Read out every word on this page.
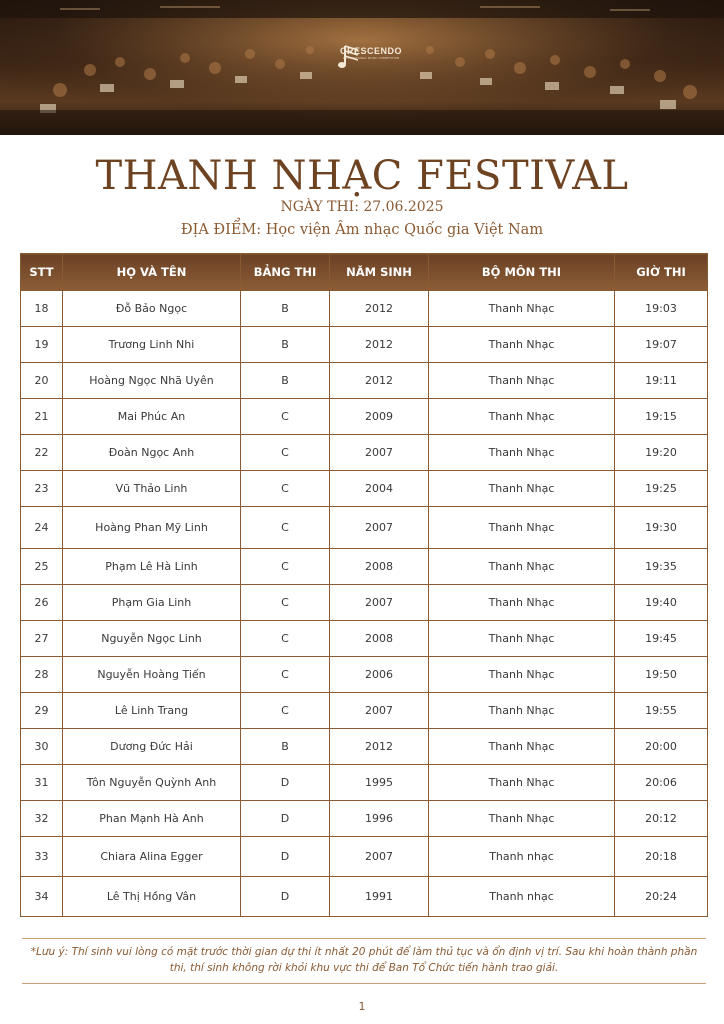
CRESCENDO
INTERNATIONAL MUSIC COMPETITION
THANH NHẠC FESTIVAL
NGÀY THI: 27.06.2025
ĐỊA ĐIỂM: Học viện Âm nhạc Quốc gia Việt Nam
STT	HỌ VÀ TÊN	BẢNG THI	NĂM SINH	BỘ MÔN THI	GIỜ THI
18	Đỗ Bảo Ngọc	B	2012	Thanh Nhạc	19:03
19	Trương Linh Nhi	B	2012	Thanh Nhạc	19:07
20	Hoàng Ngọc Nhã Uyên	B	2012	Thanh Nhạc	19:11
21	Mai Phúc An	C	2009	Thanh Nhạc	19:15
22	Đoàn Ngọc Anh	C	2007	Thanh Nhạc	19:20
23	Vũ Thảo Linh	C	2004	Thanh Nhạc	19:25
24	Hoàng Phan Mỹ Linh	C	2007	Thanh Nhạc	19:30
25	Phạm Lê Hà Linh	C	2008	Thanh Nhạc	19:35
26	Phạm Gia Linh	C	2007	Thanh Nhạc	19:40
27	Nguyễn Ngọc Linh	C	2008	Thanh Nhạc	19:45
28	Nguyễn Hoàng Tiến	C	2006	Thanh Nhạc	19:50
29	Lê Linh Trang	C	2007	Thanh Nhạc	19:55
30	Dương Đức Hải	B	2012	Thanh Nhạc	20:00
31	Tôn Nguyễn Quỳnh Anh	D	1995	Thanh Nhạc	20:06
32	Phan Mạnh Hà Anh	D	1996	Thanh Nhạc	20:12
33	Chiara Alina Egger	D	2007	Thanh nhạc	20:18
34	Lê Thị Hồng Vân	D	1991	Thanh nhạc	20:24

*Lưu ý: Thí sinh vui lòng có mặt trước thời gian dự thi ít nhất 20 phút để làm thủ tục và ổn định vị trí. Sau khi hoàn thành phần thi, thí sinh không rời khỏi khu vực thi để Ban Tổ Chức tiến hành trao giải.

1
